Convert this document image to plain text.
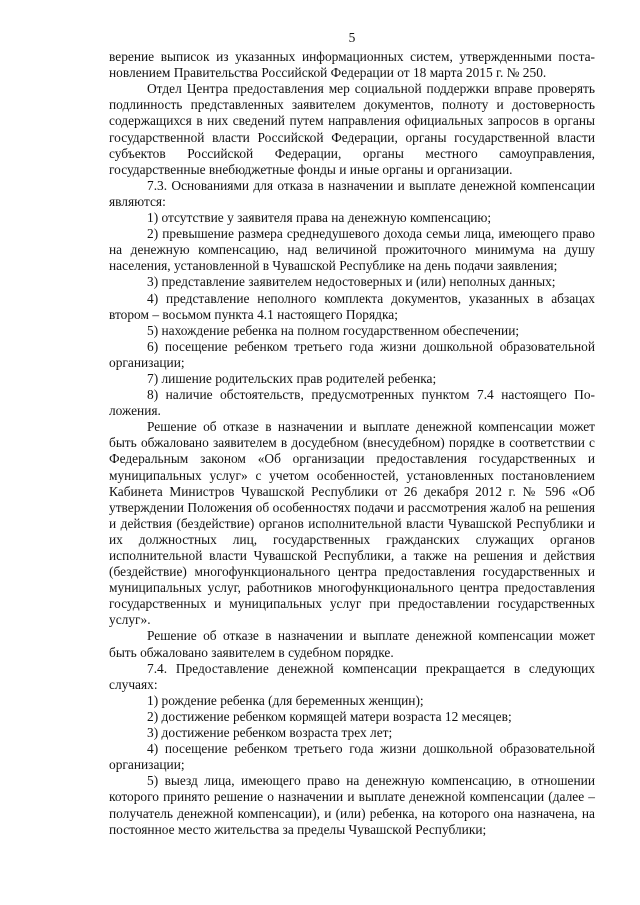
5

верение выписок из указанных информационных систем, утвержденными постановлением Правительства Российской Федерации от 18 марта 2015 г. № 250.

Отдел Центра предоставления мер социальной поддержки вправе проверять подлинность представленных заявителем документов, полноту и достоверность содержащихся в них сведений путем направления официальных запросов в органы государственной власти Российской Федерации, органы государственной власти субъектов Российской Федерации, органы местного самоуправления, государственные внебюджетные фонды и иные органы и организации.

7.3. Основаниями для отказа в назначении и выплате денежной компенсации являются:

1) отсутствие у заявителя права на денежную компенсацию;

2) превышение размера среднедушевого дохода семьи лица, имеющего право на денежную компенсацию, над величиной прожиточного минимума на душу населения, установленной в Чувашской Республике на день подачи заявления;

3) представление заявителем недостоверных и (или) неполных данных;

4) представление неполного комплекта документов, указанных в абзацах втором – восьмом пункта 4.1 настоящего Порядка;

5) нахождение ребенка на полном государственном обеспечении;

6) посещение ребенком третьего года жизни дошкольной образовательной организации;

7) лишение родительских прав родителей ребенка;

8) наличие обстоятельств, предусмотренных пунктом 7.4 настоящего Положения.

Решение об отказе в назначении и выплате денежной компенсации может быть обжаловано заявителем в досудебном (внесудебном) порядке в соответствии с Федеральным законом «Об организации предоставления государственных и муниципальных услуг» с учетом особенностей, установленных постановлением Кабинета Министров Чувашской Республики от 26 декабря 2012 г. № 596 «Об утверждении Положения об особенностях подачи и рассмотрения жалоб на решения и действия (бездействие) органов исполнительной власти Чувашской Республики и их должностных лиц, государственных гражданских служащих органов исполнительной власти Чувашской Республики, а также на решения и действия (бездействие) многофункционального центра предоставления государственных и муниципальных услуг, работников многофункционального центра предоставления государственных и муниципальных услуг при предоставлении государственных услуг».

Решение об отказе в назначении и выплате денежной компенсации может быть обжаловано заявителем в судебном порядке.

7.4. Предоставление денежной компенсации прекращается в следующих случаях:

1) рождение ребенка (для беременных женщин);

2) достижение ребенком кормящей матери возраста 12 месяцев;

3) достижение ребенком возраста трех лет;

4) посещение ребенком третьего года жизни дошкольной образовательной организации;

5) выезд лица, имеющего право на денежную компенсацию, в отношении которого принято решение о назначении и выплате денежной компенсации (далее – получатель денежной компенсации), и (или) ребенка, на которого она назначена, на постоянное место жительства за пределы Чувашской Республики;
